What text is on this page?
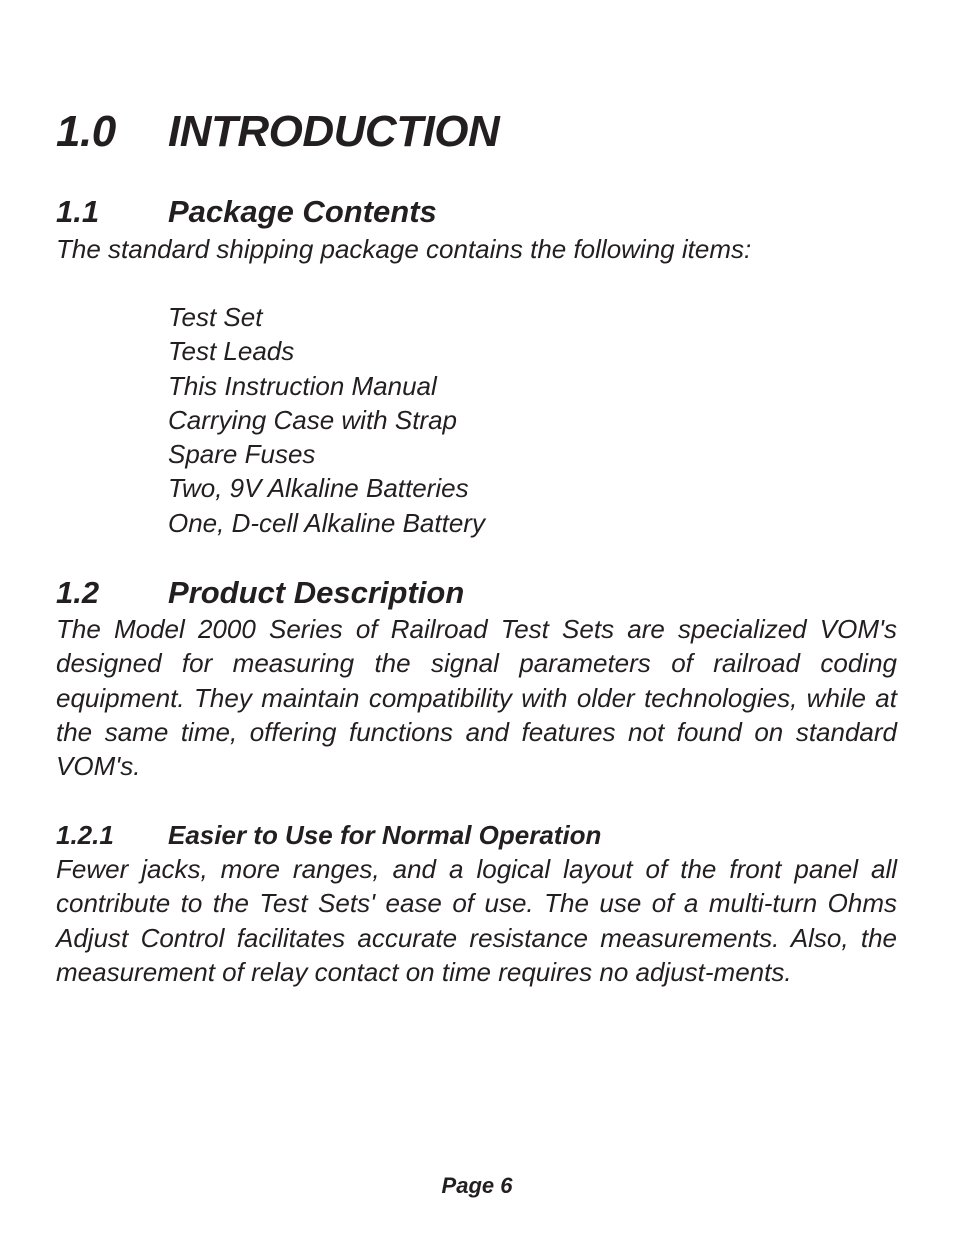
1.0 INTRODUCTION
1.1 Package Contents

The standard shipping package contains the following items:

Test Set
Test Leads
This Instruction Manual
Carrying Case with Strap
Spare Fuses
Two, 9V Alkaline Batteries
One, D-cell Alkaline Battery
1.2 Product Description

The Model 2000 Series of Railroad Test Sets are specialized VOM's designed for measuring the signal parameters of railroad coding equipment. They maintain compatibility with older technologies, while at the same time, offering functions and features not found on standard VOM's.

1.2.1 Easier to Use for Normal Operation

Fewer jacks, more ranges, and a logical layout of the front panel all contribute to the Test Sets' ease of use. The use of a multi-turn Ohms Adjust Control facilitates accurate resistance measurements. Also, the measurement of relay contact on time requires no adjust-ments.

Page 6
